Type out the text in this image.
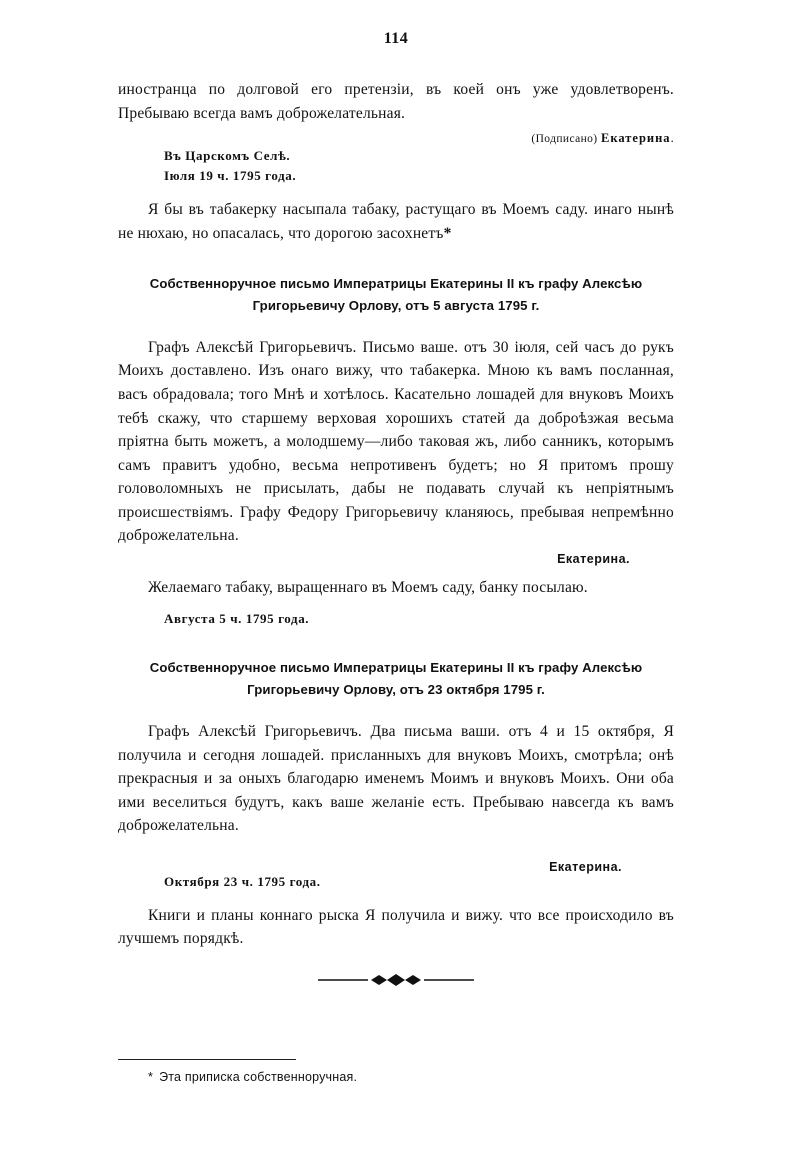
114

иностранца по долговой его претензіи, въ коей онъ уже удовлетворенъ. Пребываю всегда вамъ доброжелательная.

(Подписано) Екатерина.
Въ Царскомъ Селѣ.
Іюля 19 ч. 1795 года.

Я бы въ табакерку насыпала табаку, растущаго въ Моемъ саду. инаго нынѣ не нюхаю, но опасалась, что дорогою засохнетъ*

Собственноручное письмо Императрицы Екатерины II къ графу Алексѣю
Григорьевичу Орлову, отъ 5 августа 1795 г.

Графъ Алексѣй Григорьевичъ. Письмо ваше. отъ 30 іюля, сей часъ до рукъ Моихъ доставлено. Изъ онаго вижу, что табакерка. Мною къ вамъ посланная, васъ обрадовала; того Мнѣ и хотѣлось. Касательно лошадей для внуковъ Моихъ тебѣ скажу, что старшему верховая хорошихъ статей да доброѣзжая весьма пріятна быть можетъ, а молодшему—либо таковая жъ, либо санникъ, которымъ самъ правитъ удобно, весьма непротивенъ будетъ; но Я притомъ прошу головоломныхъ не присылать, дабы не подавать случай къ непріятнымъ происшествіямъ. Графу Федору Григорьевичу кланяюсь, пребывая непремѣнно доброжелательна.

Екатерина.

Желаемаго табаку, выращеннаго въ Моемъ саду, банку посылаю.

Августа 5 ч. 1795 года.
Собственноручное письмо Императрицы Екатерины II къ графу Алексѣю
Григорьевичу Орлову, отъ 23 октября 1795 г.

Графъ Алексѣй Григорьевичъ. Два письма ваши. отъ 4 и 15 октября, Я получила и сегодня лошадей. присланныхъ для внуковъ Моихъ, смотрѣла; онѣ прекрасныя и за оныхъ благодарю именемъ Моимъ и внуковъ Моихъ. Они оба ими веселиться будутъ, какъ ваше желаніе есть. Пребываю навсегда къ вамъ доброжелательна.

Екатерина.
Октября 23 ч. 1795 года.

Книги и планы коннаго рыска Я получила и вижу. что все происходило въ лучшемъ порядкѣ.

* Эта приписка собственноручная.
